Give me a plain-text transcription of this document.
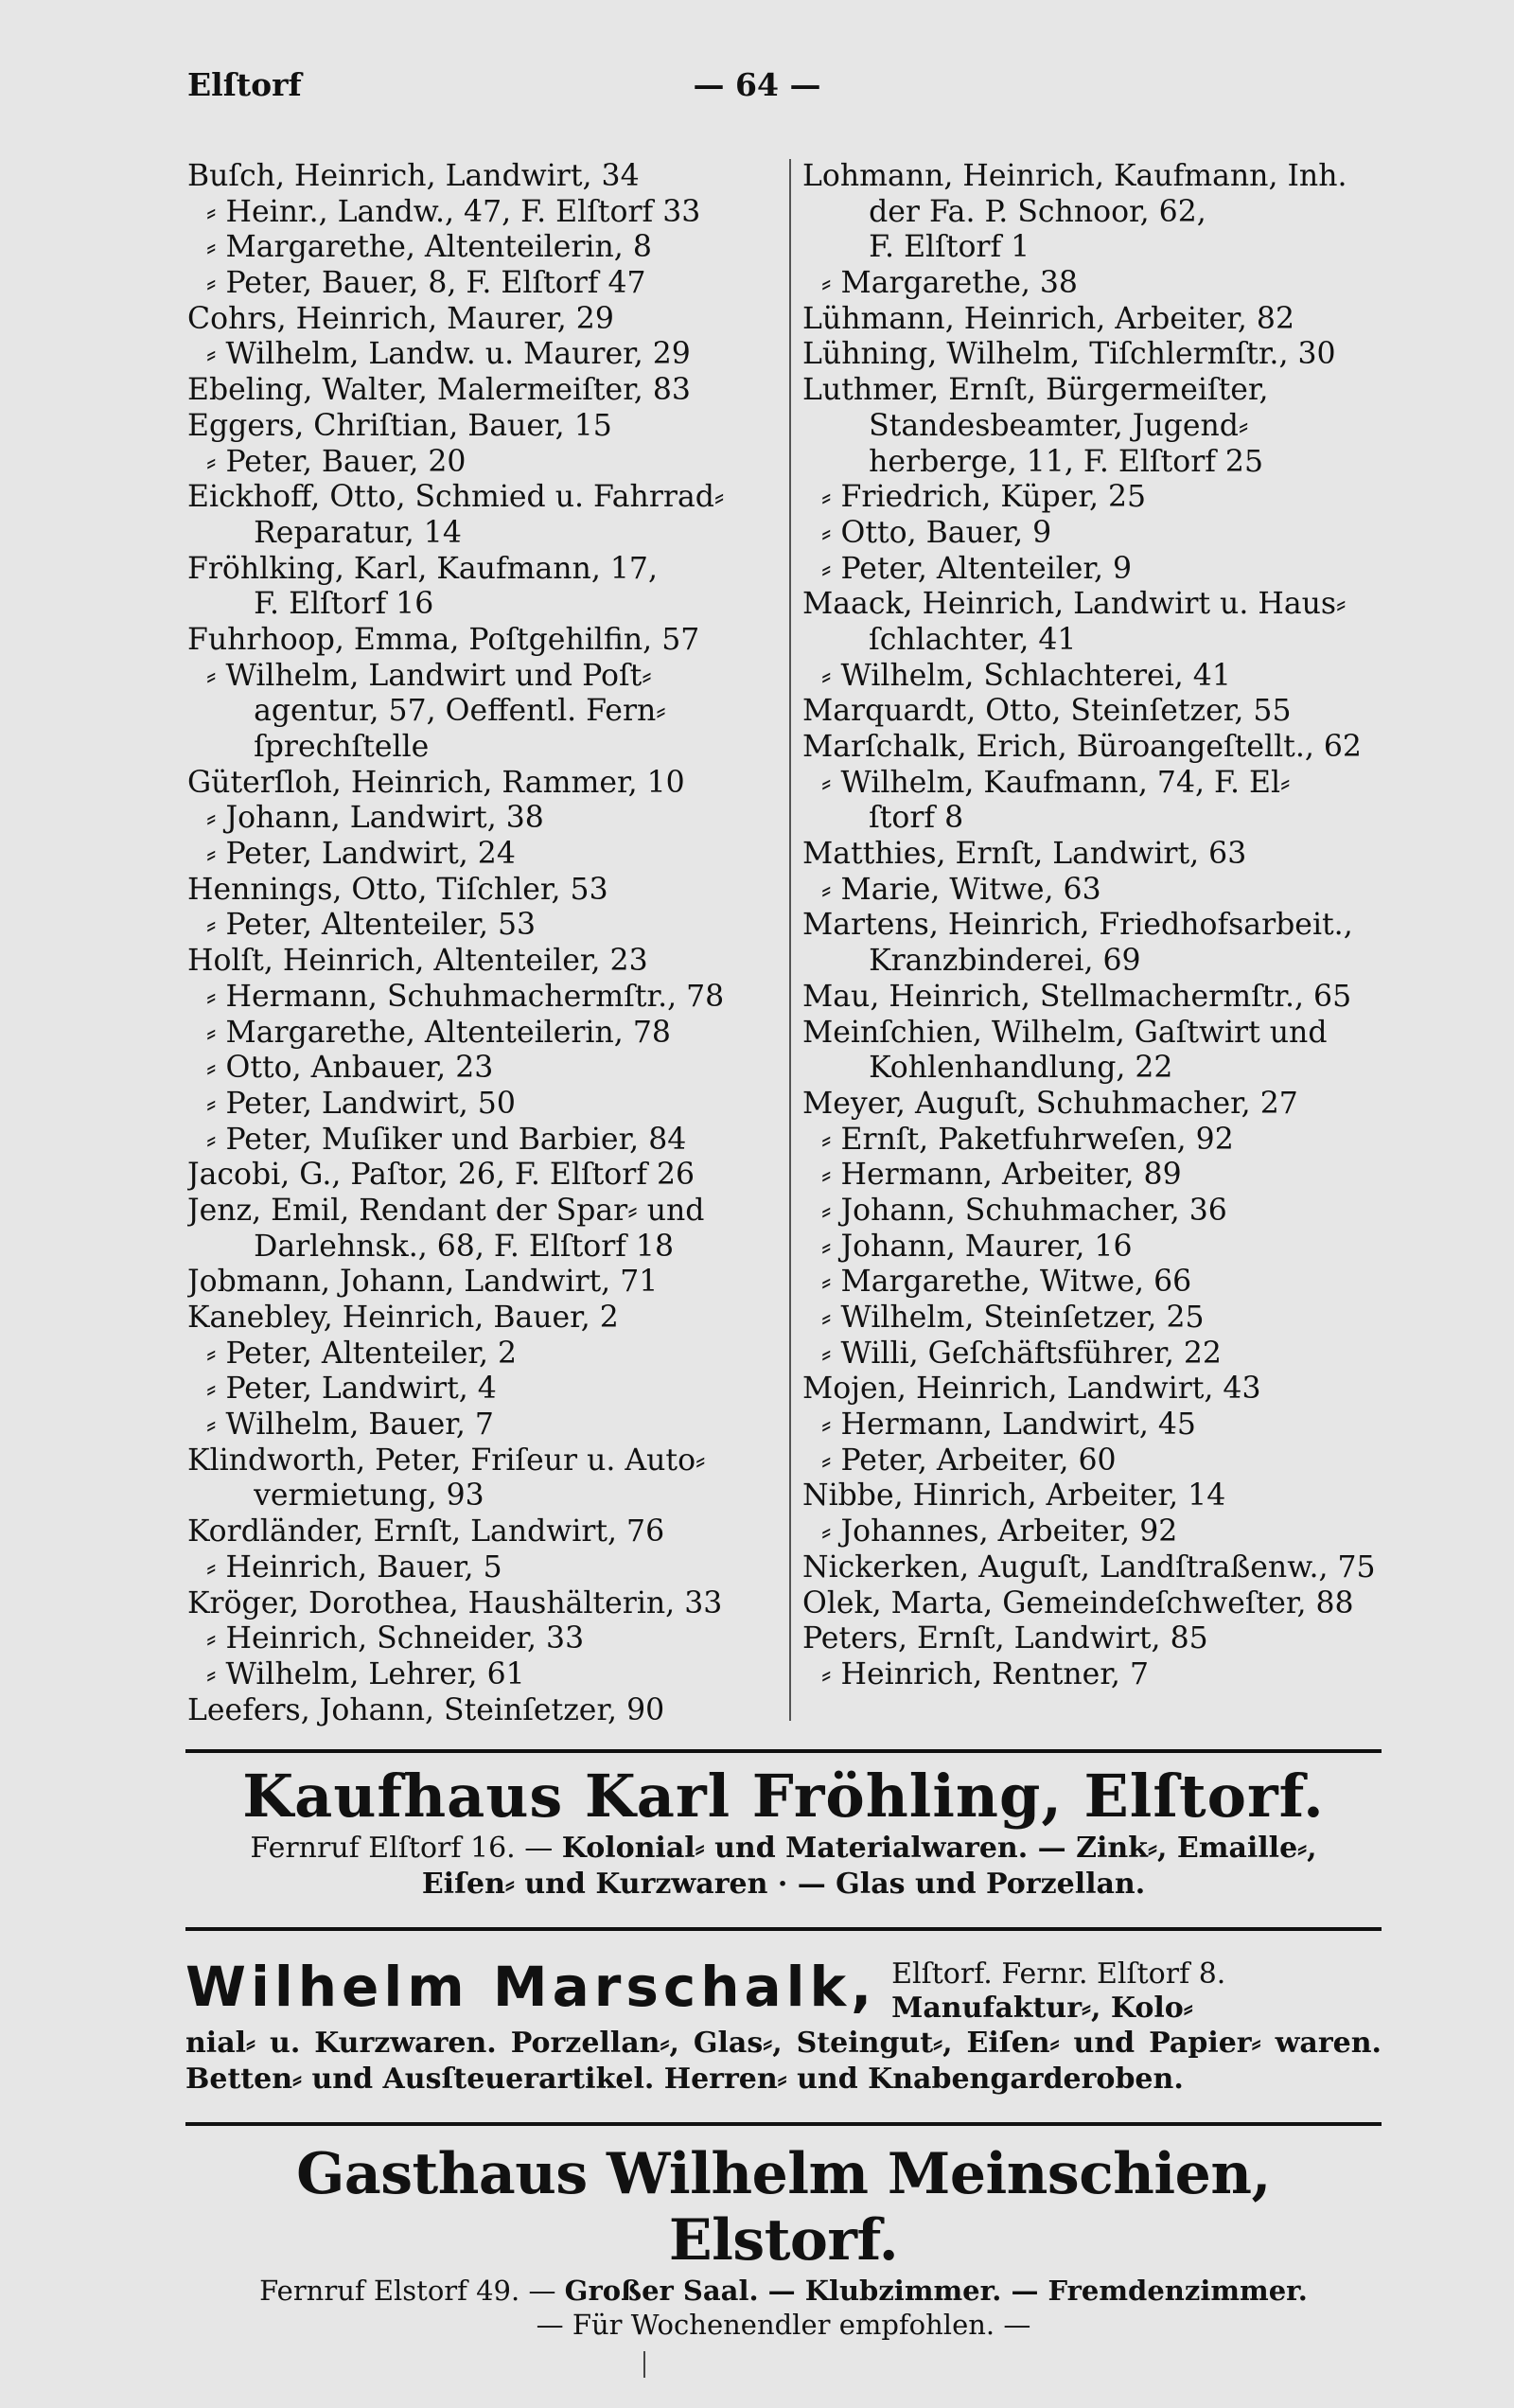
Elſtorf	— 64 —
Buſch, Heinrich, Landwirt, 34
⸗ Heinr., Landw., 47, F. Elſtorf 33
⸗ Margarethe, Altenteilerin, 8
⸗ Peter, Bauer, 8, F. Elſtorf 47
Cohrs, Heinrich, Maurer, 29
⸗ Wilhelm, Landw. u. Maurer, 29
Ebeling, Walter, Malermeiſter, 83
Eggers, Chriſtian, Bauer, 15
⸗ Peter, Bauer, 20
Eickhoff, Otto, Schmied u. Fahrrad⸗
Reparatur, 14
Fröhlking, Karl, Kaufmann, 17,
F. Elſtorf 16
Fuhrhoop, Emma, Poſtgehilfin, 57
⸗ Wilhelm, Landwirt und Poſt⸗
agentur, 57, Oeffentl. Fern⸗
ſprechſtelle
Güterſloh, Heinrich, Rammer, 10
⸗ Johann, Landwirt, 38
⸗ Peter, Landwirt, 24
Hennings, Otto, Tiſchler, 53
⸗ Peter, Altenteiler, 53
Holſt, Heinrich, Altenteiler, 23
⸗ Hermann, Schuhmachermſtr., 78
⸗ Margarethe, Altenteilerin, 78
⸗ Otto, Anbauer, 23
⸗ Peter, Landwirt, 50
⸗ Peter, Muſiker und Barbier, 84
Jacobi, G., Paſtor, 26, F. Elſtorf 26
Jenz, Emil, Rendant der Spar⸗ und
Darlehnsk., 68, F. Elſtorf 18
Jobmann, Johann, Landwirt, 71
Kanebley, Heinrich, Bauer, 2
⸗ Peter, Altenteiler, 2
⸗ Peter, Landwirt, 4
⸗ Wilhelm, Bauer, 7
Klindworth, Peter, Friſeur u. Auto⸗
vermietung, 93
Kordländer, Ernſt, Landwirt, 76
⸗ Heinrich, Bauer, 5
Kröger, Dorothea, Haushälterin, 33
⸗ Heinrich, Schneider, 33
⸗ Wilhelm, Lehrer, 61
Leefers, Johann, Steinſetzer, 90
Lohmann, Heinrich, Kaufmann, Inh.
der Fa. P. Schnoor, 62,
F. Elſtorf 1
⸗ Margarethe, 38
Lühmann, Heinrich, Arbeiter, 82
Lühning, Wilhelm, Tiſchlermſtr., 30
Luthmer, Ernſt, Bürgermeiſter,
Standesbeamter, Jugend⸗
herberge, 11, F. Elſtorf 25
⸗ Friedrich, Küper, 25
⸗ Otto, Bauer, 9
⸗ Peter, Altenteiler, 9
Maack, Heinrich, Landwirt u. Haus⸗
ſchlachter, 41
⸗ Wilhelm, Schlachterei, 41
Marquardt, Otto, Steinſetzer, 55
Marſchalk, Erich, Büroangeſtellt., 62
⸗ Wilhelm, Kaufmann, 74, F. El⸗
ſtorf 8
Matthies, Ernſt, Landwirt, 63
⸗ Marie, Witwe, 63
Martens, Heinrich, Friedhofsarbeit.,
Kranzbinderei, 69
Mau, Heinrich, Stellmachermſtr., 65
Meinſchien, Wilhelm, Gaſtwirt und
Kohlenhandlung, 22
Meyer, Auguſt, Schuhmacher, 27
⸗ Ernſt, Paketfuhrweſen, 92
⸗ Hermann, Arbeiter, 89
⸗ Johann, Schuhmacher, 36
⸗ Johann, Maurer, 16
⸗ Margarethe, Witwe, 66
⸗ Wilhelm, Steinſetzer, 25
⸗ Willi, Geſchäftsführer, 22
Mojen, Heinrich, Landwirt, 43
⸗ Hermann, Landwirt, 45
⸗ Peter, Arbeiter, 60
Nibbe, Hinrich, Arbeiter, 14
⸗ Johannes, Arbeiter, 92
Nickerken, Auguſt, Landſtraßenw., 75
Olek, Marta, Gemeindeſchweſter, 88
Peters, Ernſt, Landwirt, 85
⸗ Heinrich, Rentner, 7
Kaufhaus Karl Fröhling, Elſtorf.
Fernruf Elſtorf 16. — Kolonial⸗ und Materialwaren. — Zink⸗, Emaille⸗,
Eiſen⸗ und Kurzwaren · — Glas und Porzellan.
Wilhelm Marschalk, Elſtorf. Fernr. Elſtorf 8.
Manufaktur⸗, Kolo⸗
nial⸗ u. Kurzwaren. Porzellan⸗, Glas⸗, Steingut⸗, Eiſen⸗ und Papier⸗ waren. Betten⸗ und Ausſteuerartikel. Herren⸗ und Knabengarderoben.
Gasthaus Wilhelm Meinschien, Elstorf.
Fernruf Elstorf 49. — Großer Saal. — Klubzimmer. — Fremdenzimmer.
— Für Wochenendler empfohlen. —
